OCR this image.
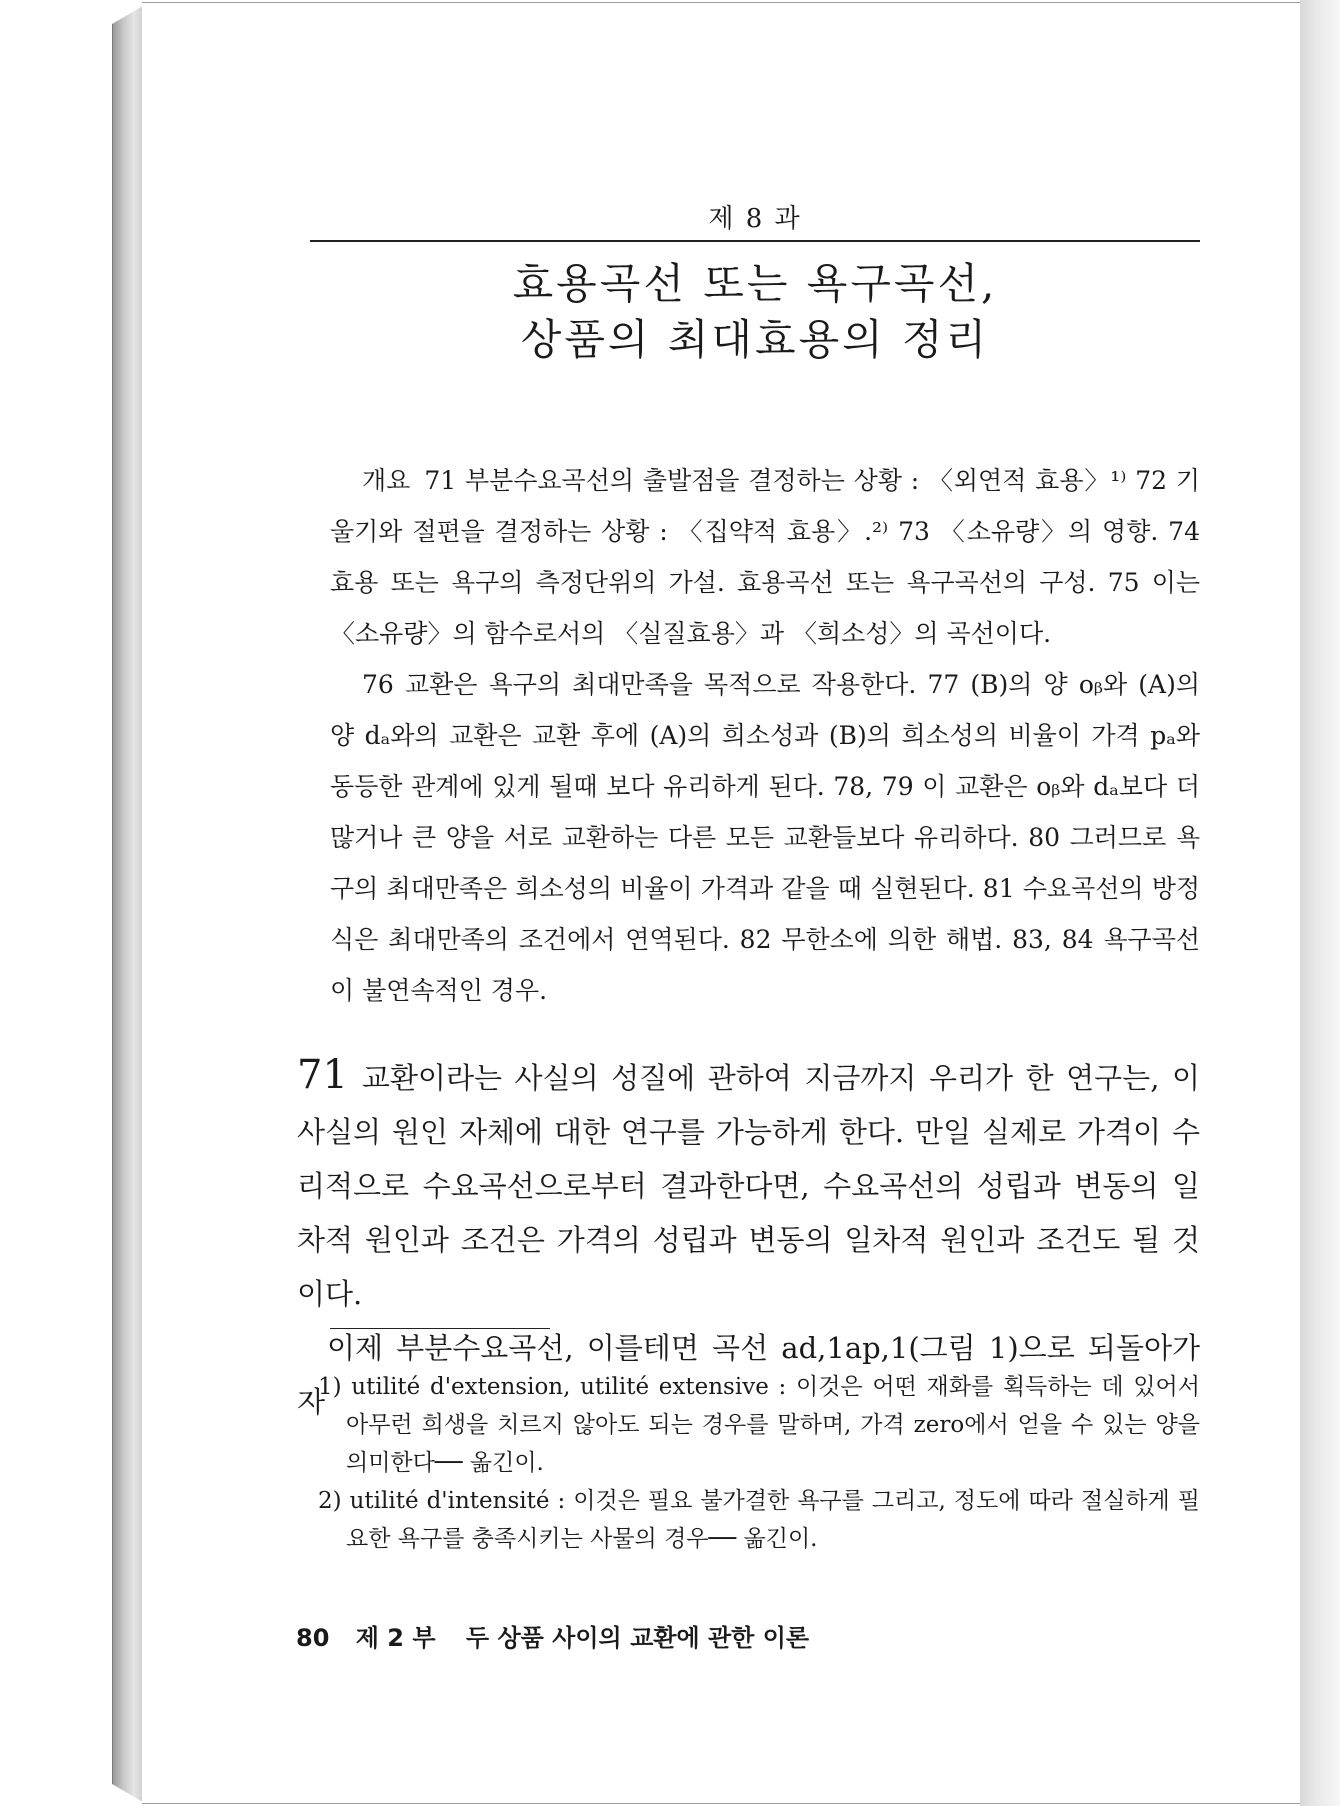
제 8 과
효용곡선 또는 욕구곡선,
상품의 최대효용의 정리

개요 71 부분수요곡선의 출발점을 결정하는 상황 : 〈외연적 효용〉¹⁾ 72 기울기와 절편을 결정하는 상황 : 〈집약적 효용〉.²⁾ 73 〈소유량〉의 영향. 74 효용 또는 욕구의 측정단위의 가설. 효용곡선 또는 욕구곡선의 구성. 75 이는 〈소유량〉의 함수로서의 〈실질효용〉과 〈희소성〉의 곡선이다.

76 교환은 욕구의 최대만족을 목적으로 작용한다. 77 (B)의 양 oᵦ와 (A)의 양 dₐ와의 교환은 교환 후에 (A)의 희소성과 (B)의 희소성의 비율이 가격 pₐ와 동등한 관계에 있게 될때 보다 유리하게 된다. 78, 79 이 교환은 oᵦ와 dₐ보다 더 많거나 큰 양을 서로 교환하는 다른 모든 교환들보다 유리하다. 80 그러므로 욕구의 최대만족은 희소성의 비율이 가격과 같을 때 실현된다. 81 수요곡선의 방정식은 최대만족의 조건에서 연역된다. 82 무한소에 의한 해법. 83, 84 욕구곡선이 불연속적인 경우.

71 교환이라는 사실의 성질에 관하여 지금까지 우리가 한 연구는, 이 사실의 원인 자체에 대한 연구를 가능하게 한다. 만일 실제로 가격이 수리적으로 수요곡선으로부터 결과한다면, 수요곡선의 성립과 변동의 일차적 원인과 조건은 가격의 성립과 변동의 일차적 원인과 조건도 될 것이다.

이제 부분수요곡선, 이를테면 곡선 ad,1ap,1(그림 1)으로 되돌아가자

1) utilité d'extension, utilité extensive : 이것은 어떤 재화를 획득하는 데 있어서 아무런 희생을 치르지 않아도 되는 경우를 말하며, 가격 zero에서 얻을 수 있는 양을 의미한다── 옮긴이.
2) utilité d'intensité : 이것은 필요 불가결한 욕구를 그리고, 정도에 따라 절실하게 필요한 욕구를 충족시키는 사물의 경우── 옮긴이.
80 제 2 부 두 상품 사이의 교환에 관한 이론
